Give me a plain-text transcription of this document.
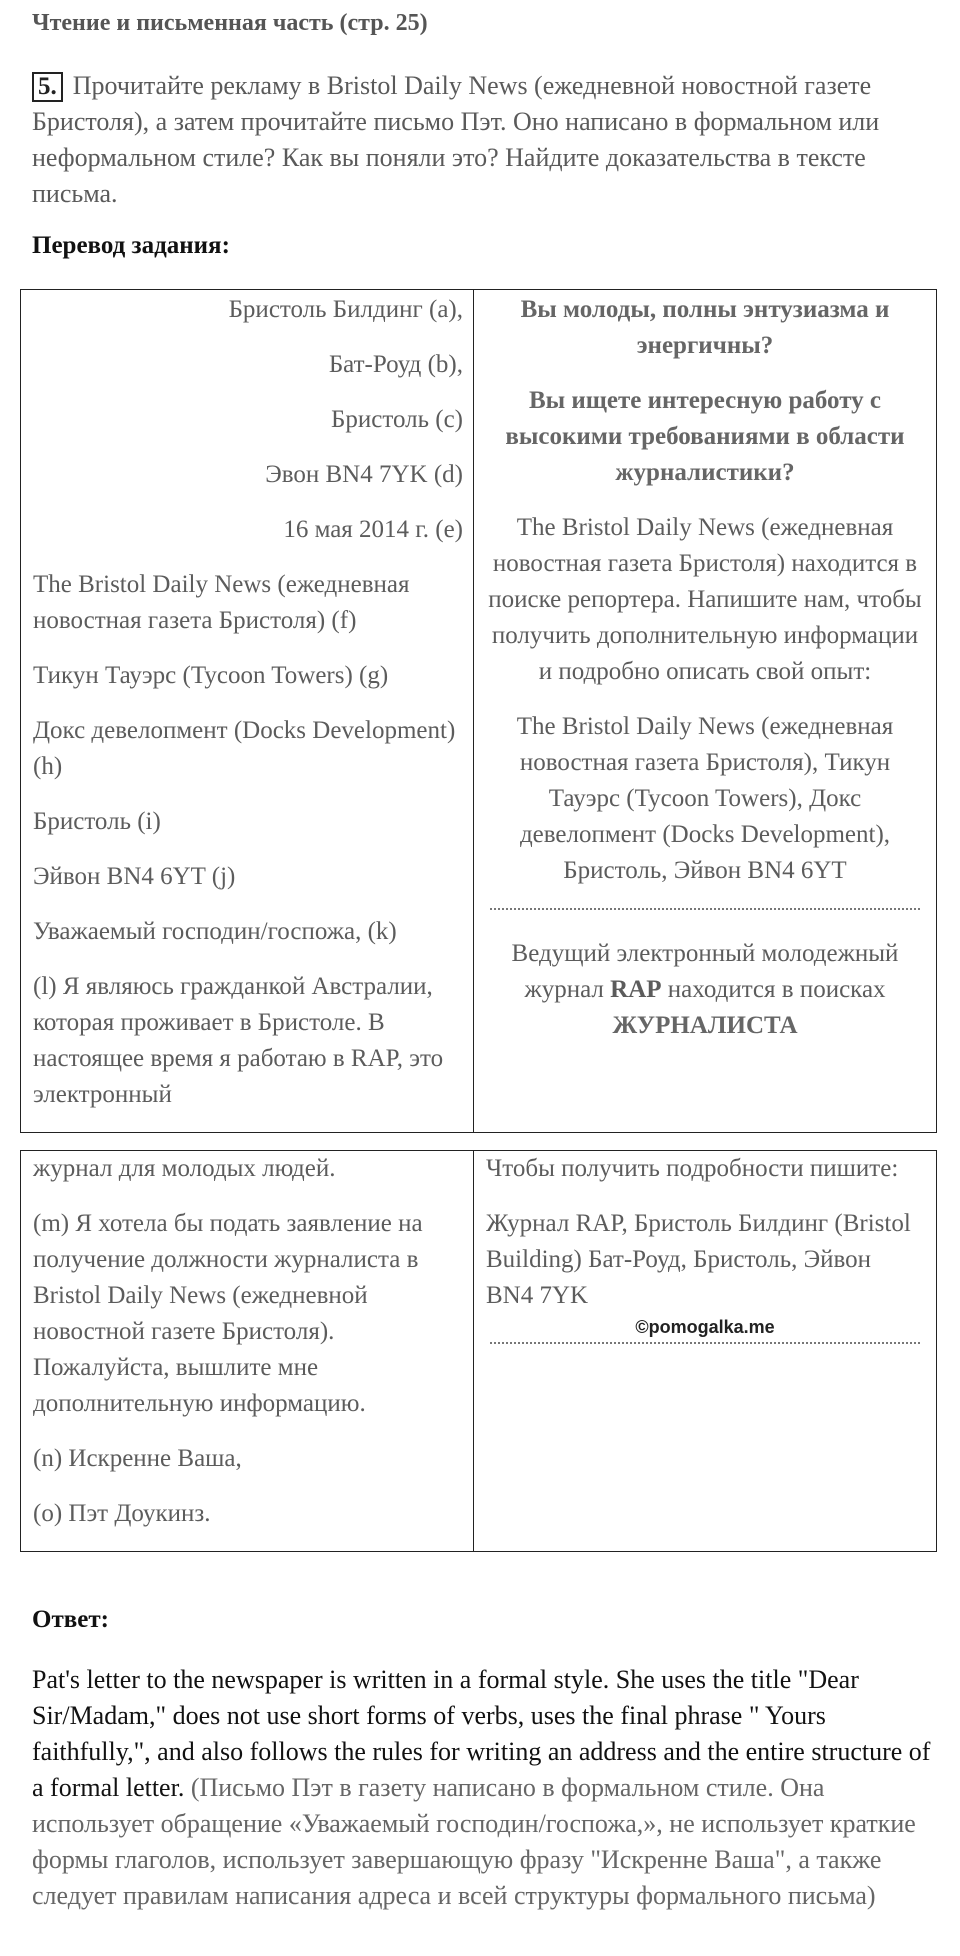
Чтение и письменная часть (стр. 25)
5. Прочитайте рекламу в Bristol Daily News (ежедневной новостной газете Бристоля), а затем прочитайте письмо Пэт. Оно написано в формальном или неформальном стиле? Как вы поняли это? Найдите доказательства в тексте письма.
Перевод задания:
Бристоль Билдинг (a),
Бат-Роуд (b),
Бристоль (c)
Эвон BN4 7YK (d)
16 мая 2014 г. (e)
The Bristol Daily News (ежедневная новостная газета Бристоля) (f)
Тикун Тауэрс (Tycoon Towers) (g)
Докс девелопмент (Docks Development) (h)
Бристоль (i)
Эйвон BN4 6YT (j)
Уважаемый господин/госпожа, (k)
(l) Я являюсь гражданкой Австралии, которая проживает в Бристоле. В настоящее время я работаю в RAP, это электронный

Вы молоды, полны энтузиазма и энергичны?
Вы ищете интересную работу с высокими требованиями в области журналистики?
The Bristol Daily News (ежедневная новостная газета Бристоля) находится в поиске репортера. Напишите нам, чтобы получить дополнительную информации и подробно описать свой опыт:
The Bristol Daily News (ежедневная новостная газета Бристоля), Тикун Тауэрс (Tycoon Towers), Докс девелопмент (Docks Development), Бристоль, Эйвон BN4 6YT
Ведущий электронный молодежный журнал RAP находится в поисках
ЖУРНАЛИСТА
журнал для молодых людей.
(m) Я хотела бы подать заявление на получение должности журналиста в Bristol Daily News (ежедневной новостной газете Бристоля). Пожалуйста, вышлите мне дополнительную информацию.
(n) Искренне Ваша,
(o) Пэт Доукинз.

Чтобы получить подробности пишите:
Журнал RAP, Бристоль Билдинг (Bristol Building) Бат-Роуд, Бристоль, Эйвон BN4 7YK
©pomogalka.me
Ответ:
Pat's letter to the newspaper is written in a formal style. She uses the title "Dear Sir/Madam," does not use short forms of verbs, uses the final phrase " Yours faithfully,", and also follows the rules for writing an address and the entire structure of a formal letter. (Письмо Пэт в газету написано в формальном стиле. Она использует обращение «Уважаемый господин/госпожа,», не использует краткие формы глаголов, использует завершающую фразу "Искренне Ваша", а также следует правилам написания адреса и всей структуры формального письма)
